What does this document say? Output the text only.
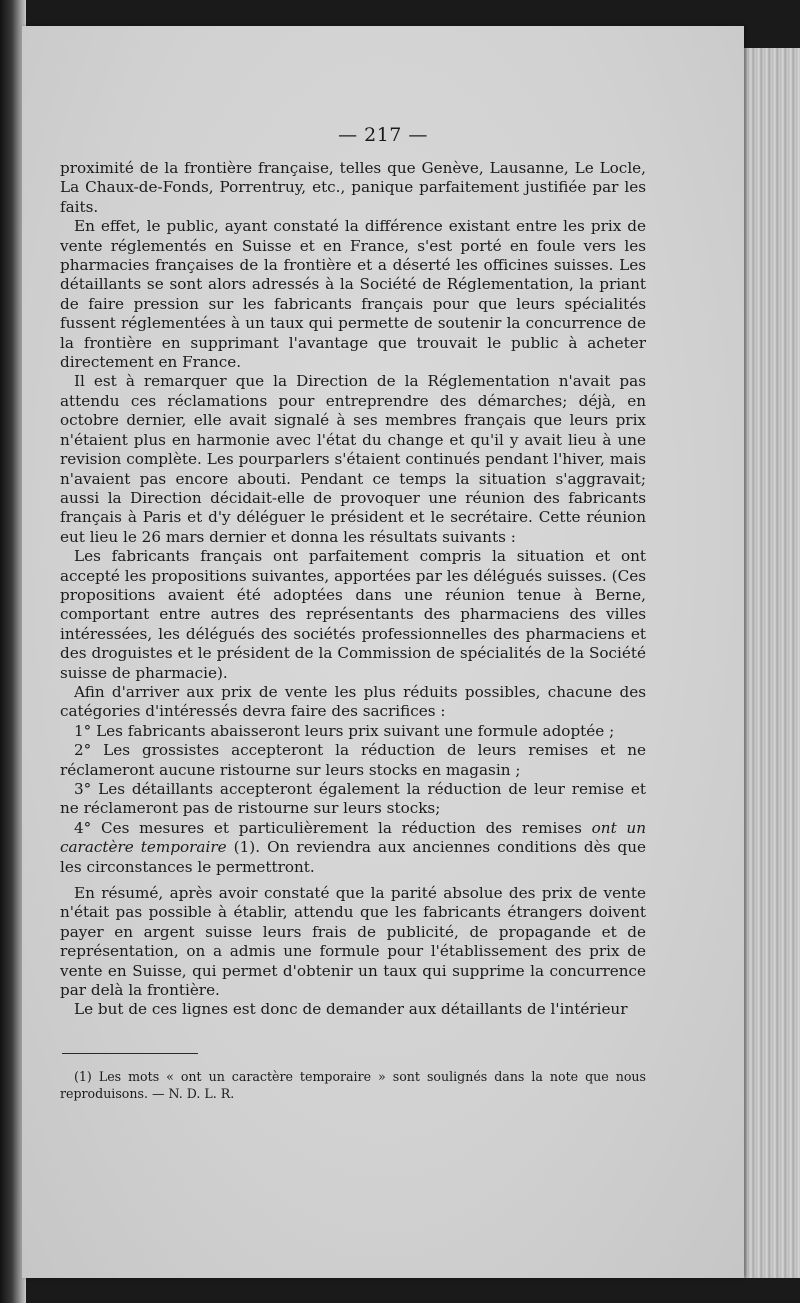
— 217 —

proximité de la frontière française, telles que Genève, Lausanne, Le Locle, La Chaux-de-Fonds, Porrentruy, etc., panique parfaitement justifiée par les faits.

En effet, le public, ayant constaté la différence existant entre les prix de vente réglementés en Suisse et en France, s'est porté en foule vers les pharmacies françaises de la frontière et a déserté les officines suisses. Les détaillants se sont alors adressés à la Société de Réglementation, la priant de faire pression sur les fabricants français pour que leurs spécialités fussent réglementées à un taux qui permette de soutenir la concurrence de la frontière en supprimant l'avantage que trouvait le public à acheter directement en France.

Il est à remarquer que la Direction de la Réglementation n'avait pas attendu ces réclamations pour entreprendre des démarches; déjà, en octobre dernier, elle avait signalé à ses membres français que leurs prix n'étaient plus en harmonie avec l'état du change et qu'il y avait lieu à une revision complète. Les pourparlers s'étaient continués pendant l'hiver, mais n'avaient pas encore abouti. Pendant ce temps la situation s'aggravait; aussi la Direction décidait-elle de provoquer une réunion des fabricants français à Paris et d'y déléguer le président et le secrétaire. Cette réunion eut lieu le 26 mars dernier et donna les résultats suivants :

Les fabricants français ont parfaitement compris la situation et ont accepté les propositions suivantes, apportées par les délégués suisses. (Ces propositions avaient été adoptées dans une réunion tenue à Berne, comportant entre autres des représentants des pharmaciens des villes intéressées, les délégués des sociétés professionnelles des pharmaciens et des droguistes et le président de la Commission de spécialités de la Société suisse de pharmacie).

Afin d'arriver aux prix de vente les plus réduits possibles, chacune des catégories d'intéressés devra faire des sacrifices :

1° Les fabricants abaisseront leurs prix suivant une formule adoptée ;

2° Les grossistes accepteront la réduction de leurs remises et ne réclameront aucune ristourne sur leurs stocks en magasin ;

3° Les détaillants accepteront également la réduction de leur remise et ne réclameront pas de ristourne sur leurs stocks;

4° Ces mesures et particulièrement la réduction des remises ont un caractère temporaire (1). On reviendra aux anciennes conditions dès que les circonstances le permettront.

En résumé, après avoir constaté que la parité absolue des prix de vente n'était pas possible à établir, attendu que les fabricants étrangers doivent payer en argent suisse leurs frais de publicité, de propagande et de représentation, on a admis une formule pour l'établissement des prix de vente en Suisse, qui permet d'obtenir un taux qui supprime la concurrence par delà la frontière.

Le but de ces lignes est donc de demander aux détaillants de l'intérieur

(1) Les mots « ont un caractère temporaire » sont soulignés dans la note que nous reproduisons. — N. D. L. R.
